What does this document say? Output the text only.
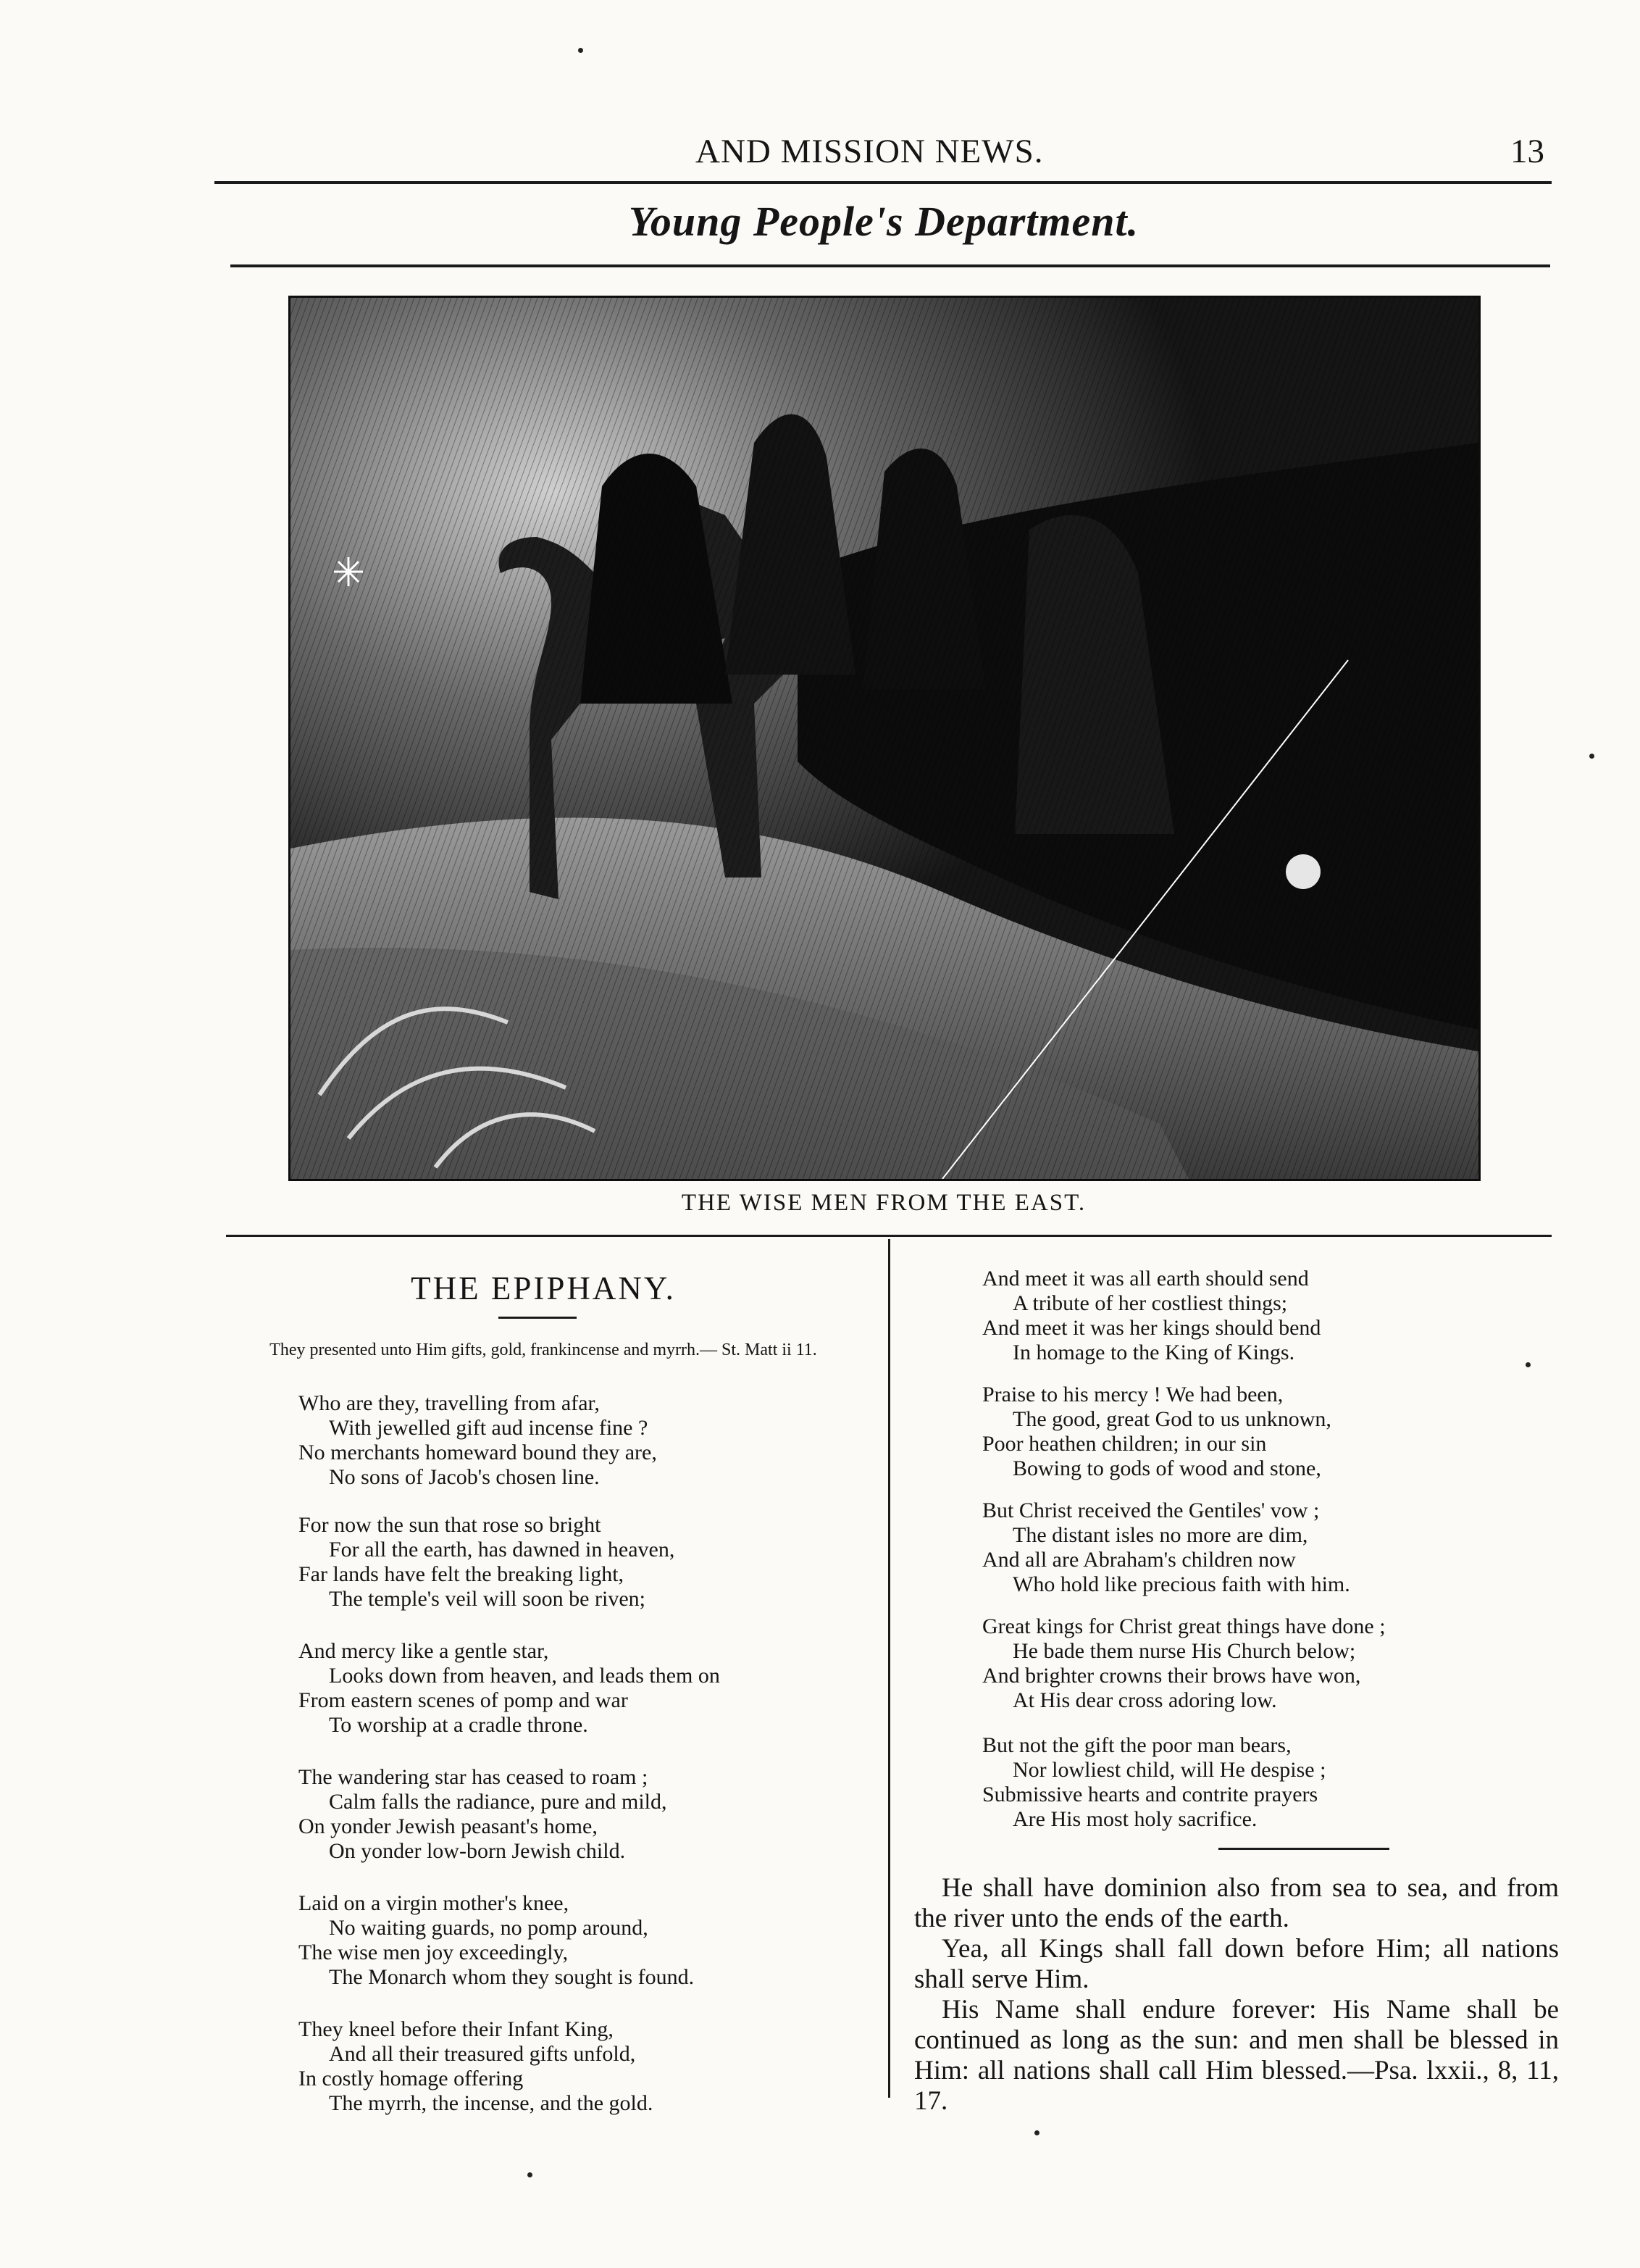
AND MISSION NEWS.	13
Young People's Department.
THE WISE MEN FROM THE EAST.
THE EPIPHANY.
They presented unto Him gifts, gold, frankincense and myrrh.— St. Matt ii 11.
Who are they, travelling from afar,
With jewelled gift aud incense fine ?
No merchants homeward bound they are,
No sons of Jacob's chosen line.
For now the sun that rose so bright
For all the earth, has dawned in heaven,
Far lands have felt the breaking light,
The temple's veil will soon be riven;
And mercy like a gentle star,
Looks down from heaven, and leads them on
From eastern scenes of pomp and war
To worship at a cradle throne.
The wandering star has ceased to roam ;
Calm falls the radiance, pure and mild,
On yonder Jewish peasant's home,
On yonder low-born Jewish child.
Laid on a virgin mother's knee,
No waiting guards, no pomp around,
The wise men joy exceedingly,
The Monarch whom they sought is found.
They kneel before their Infant King,
And all their treasured gifts unfold,
In costly homage offering
The myrrh, the incense, and the gold.
And meet it was all earth should send
A tribute of her costliest things;
And meet it was her kings should bend
In homage to the King of Kings.
Praise to his mercy ! We had been,
The good, great God to us unknown,
Poor heathen children; in our sin
Bowing to gods of wood and stone,
But Christ received the Gentiles' vow ;
The distant isles no more are dim,
And all are Abraham's children now
Who hold like precious faith with him.
Great kings for Christ great things have done ;
He bade them nurse His Church below;
And brighter crowns their brows have won,
At His dear cross adoring low.
But not the gift the poor man bears,
Nor lowliest child, will He despise ;
Submissive hearts and contrite prayers
Are His most holy sacrifice.

He shall have dominion also from sea to sea, and from the river unto the ends of the earth.

Yea, all Kings shall fall down before Him; all nations shall serve Him.

His Name shall endure forever: His Name shall be continued as long as the sun: and men shall be blessed in Him: all nations shall call Him blessed.—Psa. lxxii., 8, 11, 17.
